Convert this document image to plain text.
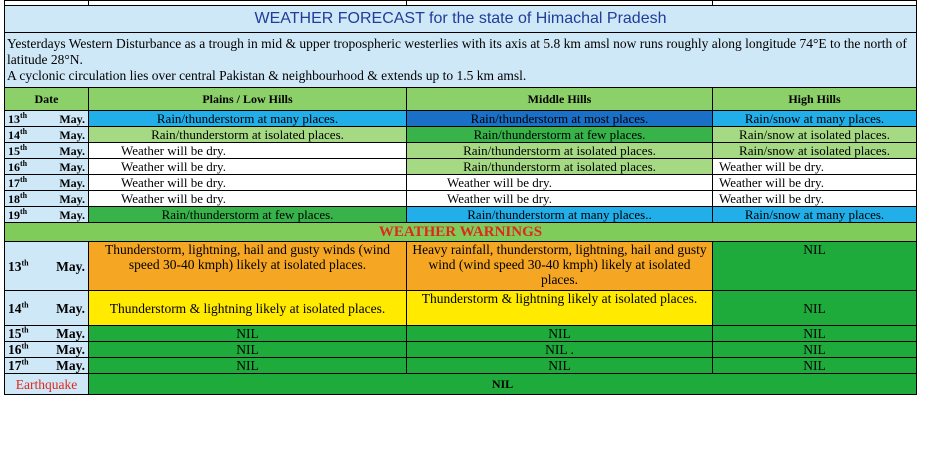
WEATHER FORECAST for the state of Himachal Pradesh			

Yesterdays Western Disturbance as a trough in mid & upper tropospheric westerlies with its axis at 5.8 km amsl now runs roughly along longitude 74°E to the north of latitude 28°N.
A cyclonic circulation lies over central Pakistan & neighbourhood & extends up to 1.5 km amsl.			

Date	Plains / Low Hills	Middle Hills	High Hills

13th May.	Rain/thunderstorm at many places.	Rain/thunderstorm at most places.	Rain/snow at many places.

14th May.	Rain/thunderstorm at isolated places.	Rain/thunderstorm at few places.	Rain/snow at isolated places.

15th May.	Weather will be dry.	Rain/thunderstorm at isolated places.	Rain/snow at isolated places.

16th May.	Weather will be dry.	Rain/thunderstorm at isolated places.	Weather will be dry.

17th May.	Weather will be dry.	Weather will be dry.	Weather will be dry.

18th May.	Weather will be dry.	Weather will be dry.	Weather will be dry.

19th May.	Rain/thunderstorm at few places.	Rain/thunderstorm at many places..	Rain/snow at many places.
WEATHER WARNINGS			

13th May.	Thunderstorm, lightning, hail and gusty winds (wind speed 30-40 kmph) likely at isolated places.	Heavy rainfall, thunderstorm, lightning, hail and gusty wind (wind speed 30-40 kmph) likely at isolated places.	NIL

14th May.	Thunderstorm & lightning likely at isolated places.	Thunderstorm & lightning likely at isolated places.	NIL

15th May.	NIL	NIL	NIL

16th May.	NIL	NIL .	NIL

17th May.	NIL	NIL	NIL
Earthquake	NIL		
